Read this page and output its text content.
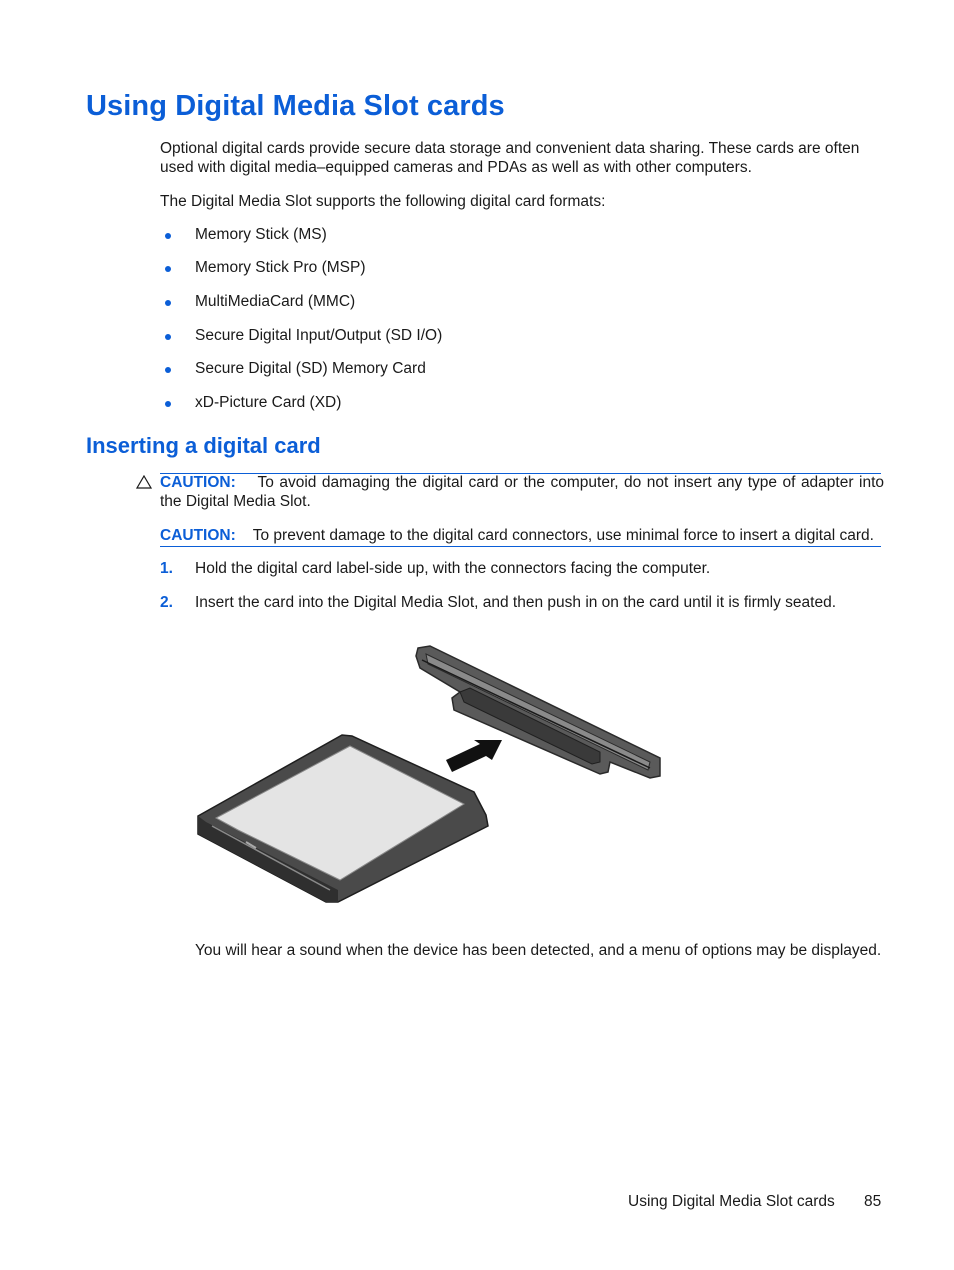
Using Digital Media Slot cards

Optional digital cards provide secure data storage and convenient data sharing. These cards are often used with digital media–equipped cameras and PDAs as well as with other computers.

The Digital Media Slot supports the following digital card formats:

Memory Stick (MS)
Memory Stick Pro (MSP)
MultiMediaCard (MMC)
Secure Digital Input/Output (SD I/O)
Secure Digital (SD) Memory Card
xD-Picture Card (XD)
Inserting a digital card

CAUTION: To avoid damaging the digital card or the computer, do not insert any type of adapter into the Digital Media Slot.

CAUTION: To prevent damage to the digital card connectors, use minimal force to insert a digital card.

1. Hold the digital card label-side up, with the connectors facing the computer.
2. Insert the card into the Digital Media Slot, and then push in on the card until it is firmly seated.

You will hear a sound when the device has been detected, and a menu of options may be displayed.

Using Digital Media Slot cards 85
